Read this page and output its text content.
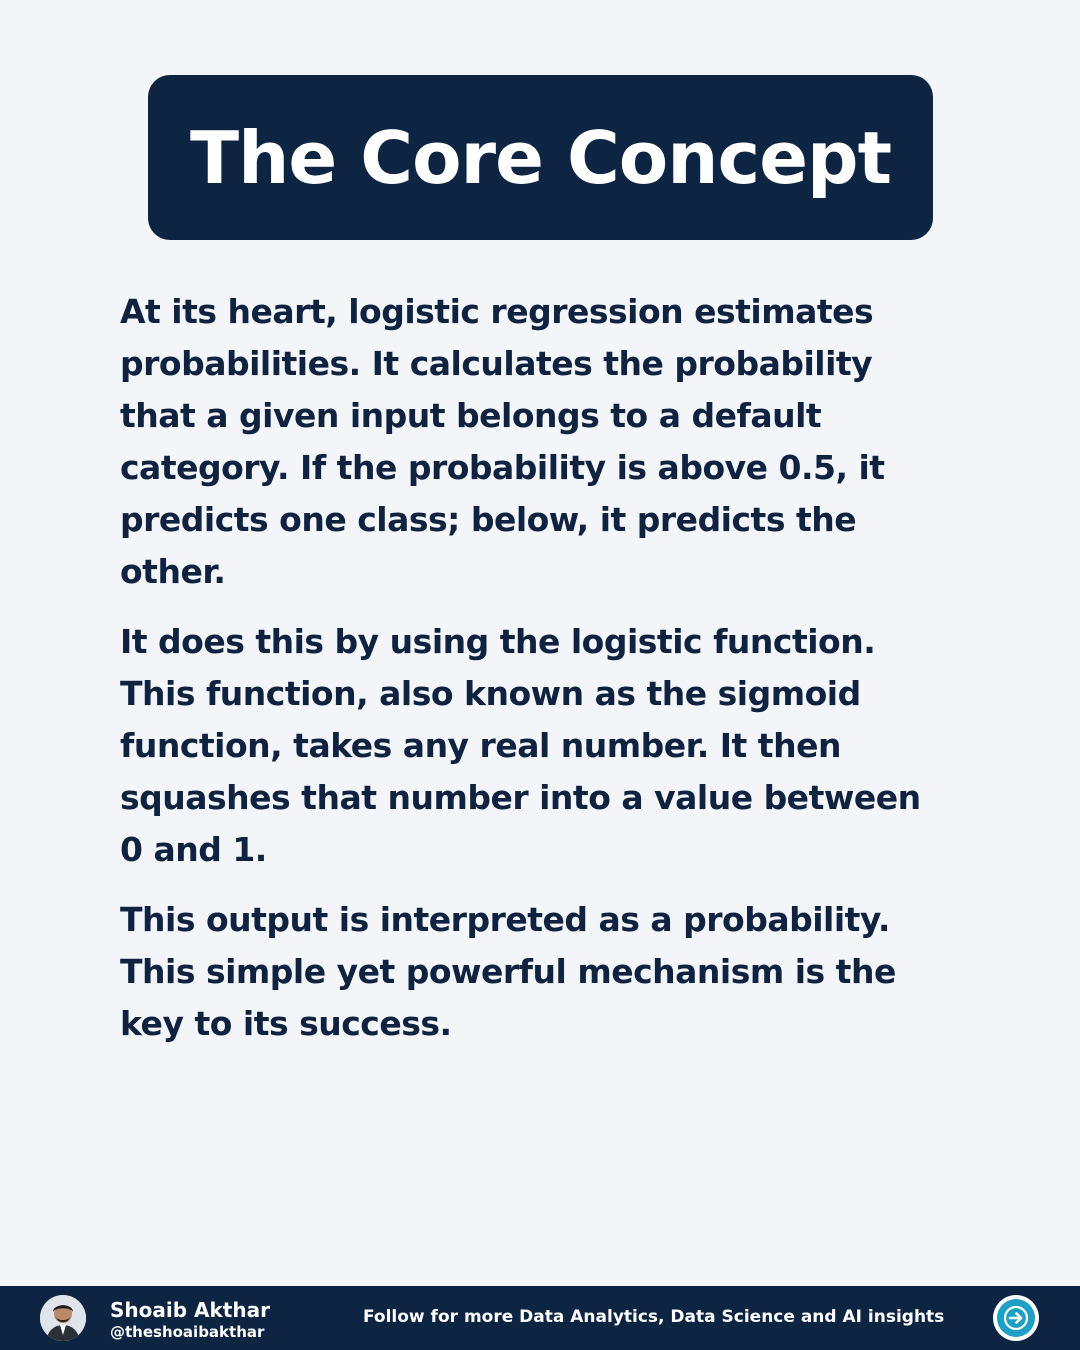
The Core Concept

At its heart, logistic regression estimates probabilities. It calculates the probability that a given input belongs to a default category. If the probability is above 0.5, it predicts one class; below, it predicts the other.

It does this by using the logistic function. This function, also known as the sigmoid function, takes any real number. It then squashes that number into a value between 0 and 1.

This output is interpreted as a probability. This simple yet powerful mechanism is the key to its success.

Shoaib Akthar
@theshoaibakthar
Follow for more Data Analytics, Data Science and AI insights
